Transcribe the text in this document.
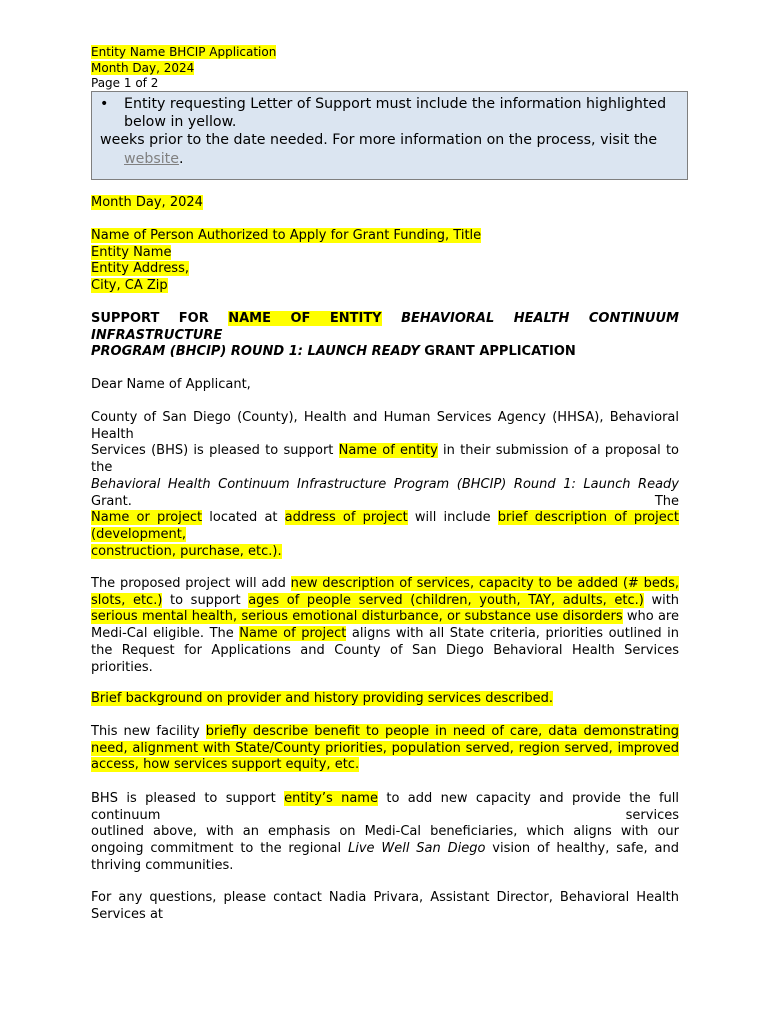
Entity Name BHCIP Application
Month Day, 2024
Page 1 of 2
•	Entity requesting Letter of Support must include the information highlighted below in yellow.
weeks prior to the date needed. For more information on the process, visit the website.
Month Day, 2024
Name of Person Authorized to Apply for Grant Funding, Title
Entity Name
Entity Address,
City, CA Zip
SUPPORT FOR NAME OF ENTITY BEHAVIORAL HEALTH CONTINUUM INFRASTRUCTURE
PROGRAM (BHCIP) ROUND 1: LAUNCH READY GRANT APPLICATION
Dear Name of Applicant,
County of San Diego (County), Health and Human Services Agency (HHSA), Behavioral Health
Services (BHS) is pleased to support Name of entity in their submission of a proposal to the
Behavioral Health Continuum Infrastructure Program (BHCIP) Round 1: Launch Ready Grant. The
Name or project located at address of project will include brief description of project (development,
construction, purchase, etc.).
The proposed project will add new description of services, capacity to be added (# beds, slots, etc.) to support ages of people served (children, youth, TAY, adults, etc.) with serious mental health, serious emotional disturbance, or substance use disorders who are Medi-Cal eligible. The Name of project aligns with all State criteria, priorities outlined in the Request for Applications and County of San Diego Behavioral Health Services priorities.
Brief background on provider and history providing services described.
This new facility briefly describe benefit to people in need of care, data demonstrating need, alignment with State/County priorities, population served, region served, improved access, how services support equity, etc.
BHS is pleased to support entity’s name to add new capacity and provide the full continuum services
outlined above, with an emphasis on Medi-Cal beneficiaries, which aligns with our ongoing commitment to the regional Live Well San Diego vision of healthy, safe, and thriving communities.
For any questions, please contact Nadia Privara, Assistant Director, Behavioral Health Services at
